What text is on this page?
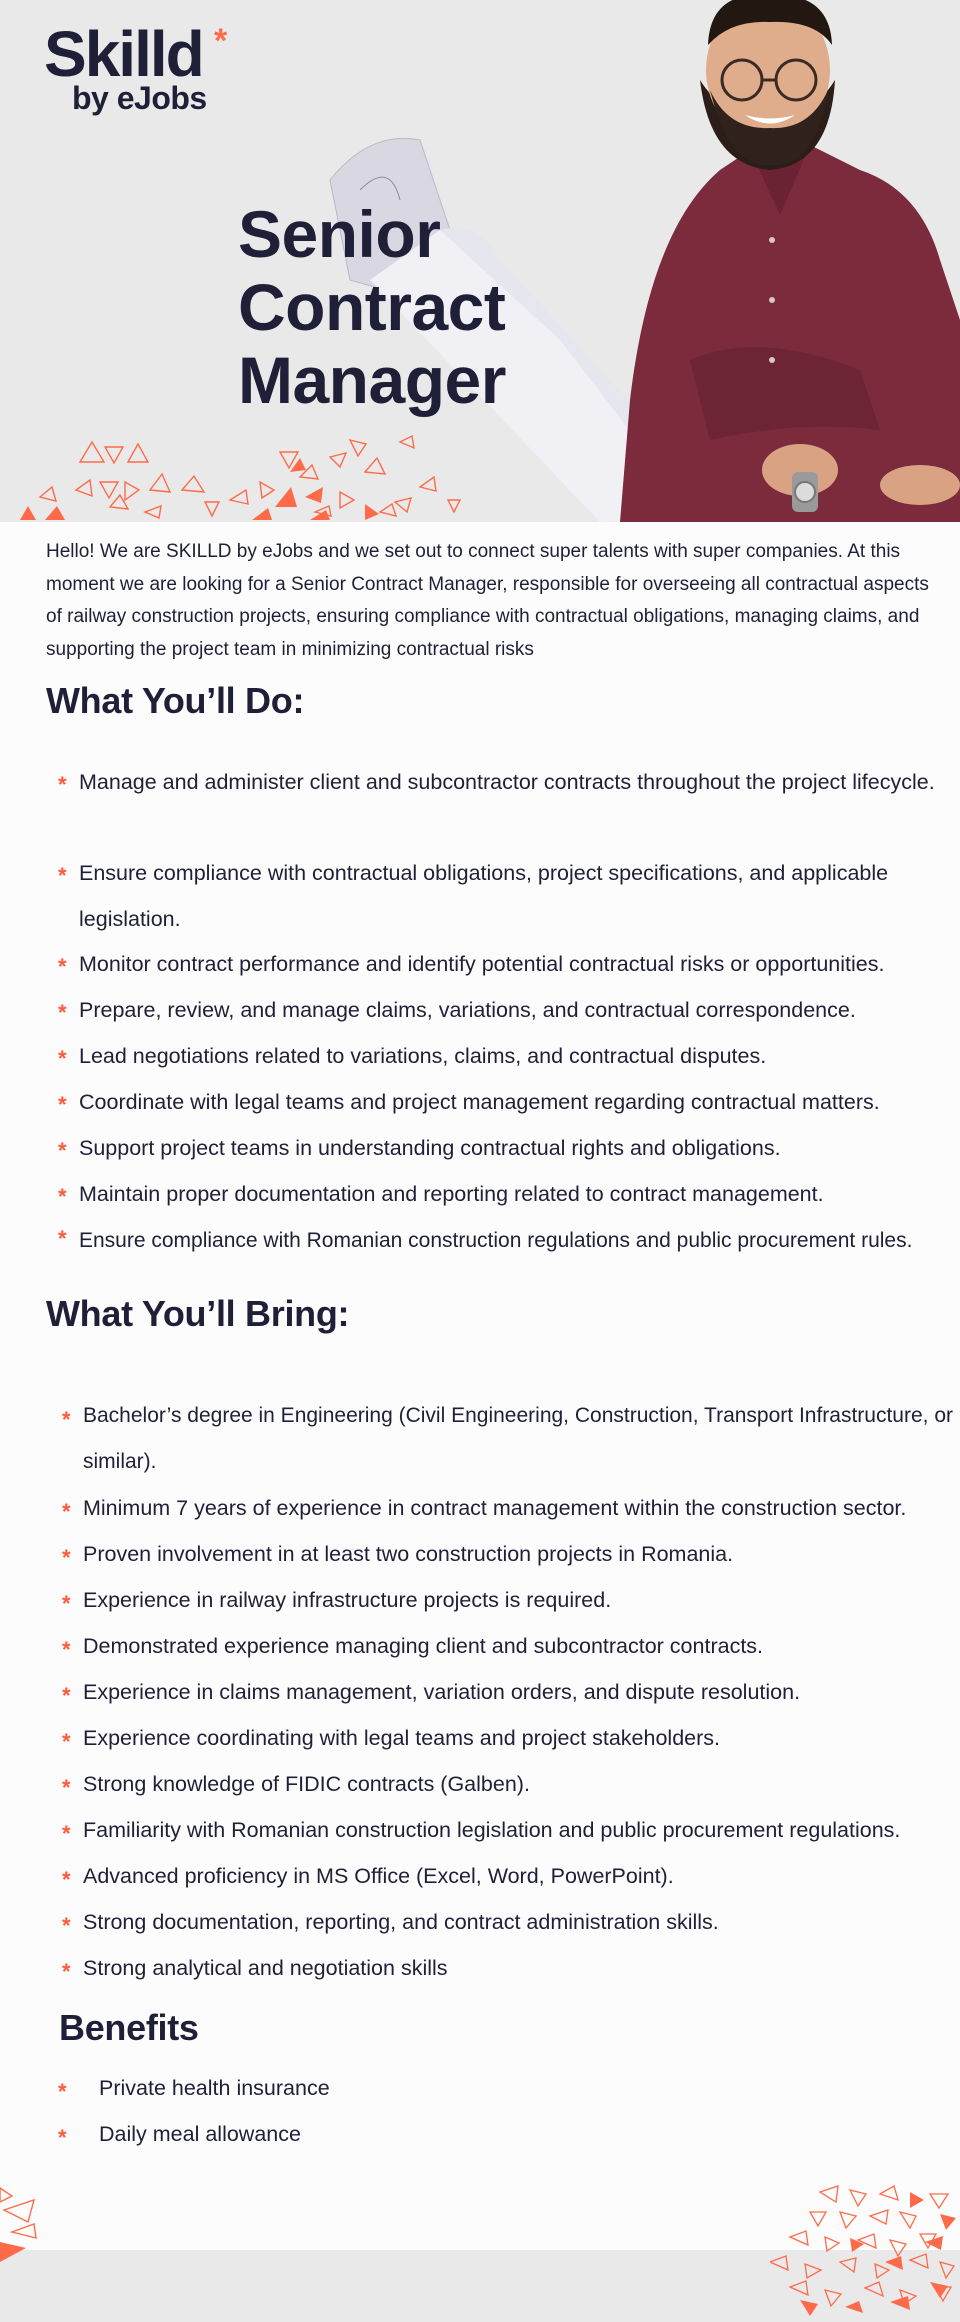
Skilld *
by eJobs
Senior
Contract
Manager

Hello! We are SKILLD by eJobs and we set out to connect super talents with super companies. At this moment we are looking for a Senior Contract Manager, responsible for overseeing all contractual aspects of railway construction projects, ensuring compliance with contractual obligations, managing claims, and supporting the project team in minimizing contractual risks

What You’ll Do:
* Manage and administer client and subcontractor contracts throughout the project lifecycle.
* Ensure compliance with contractual obligations, project specifications, and applicable legislation.
* Monitor contract performance and identify potential contractual risks or opportunities.
* Prepare, review, and manage claims, variations, and contractual correspondence.
* Lead negotiations related to variations, claims, and contractual disputes.
* Coordinate with legal teams and project management regarding contractual matters.
* Support project teams in understanding contractual rights and obligations.
* Maintain proper documentation and reporting related to contract management.
* Ensure compliance with Romanian construction regulations and public procurement rules.
What You’ll Bring:
* Bachelor’s degree in Engineering (Civil Engineering, Construction, Transport Infrastructure, or similar).
* Minimum 7 years of experience in contract management within the construction sector.
* Proven involvement in at least two construction projects in Romania.
* Experience in railway infrastructure projects is required.
* Demonstrated experience managing client and subcontractor contracts.
* Experience in claims management, variation orders, and dispute resolution.
* Experience coordinating with legal teams and project stakeholders.
* Strong knowledge of FIDIC contracts (Galben).
* Familiarity with Romanian construction legislation and public procurement regulations.
* Advanced proficiency in MS Office (Excel, Word, PowerPoint).
* Strong documentation, reporting, and contract administration skills.
* Strong analytical and negotiation skills
Benefits
* Private health insurance
* Daily meal allowance
